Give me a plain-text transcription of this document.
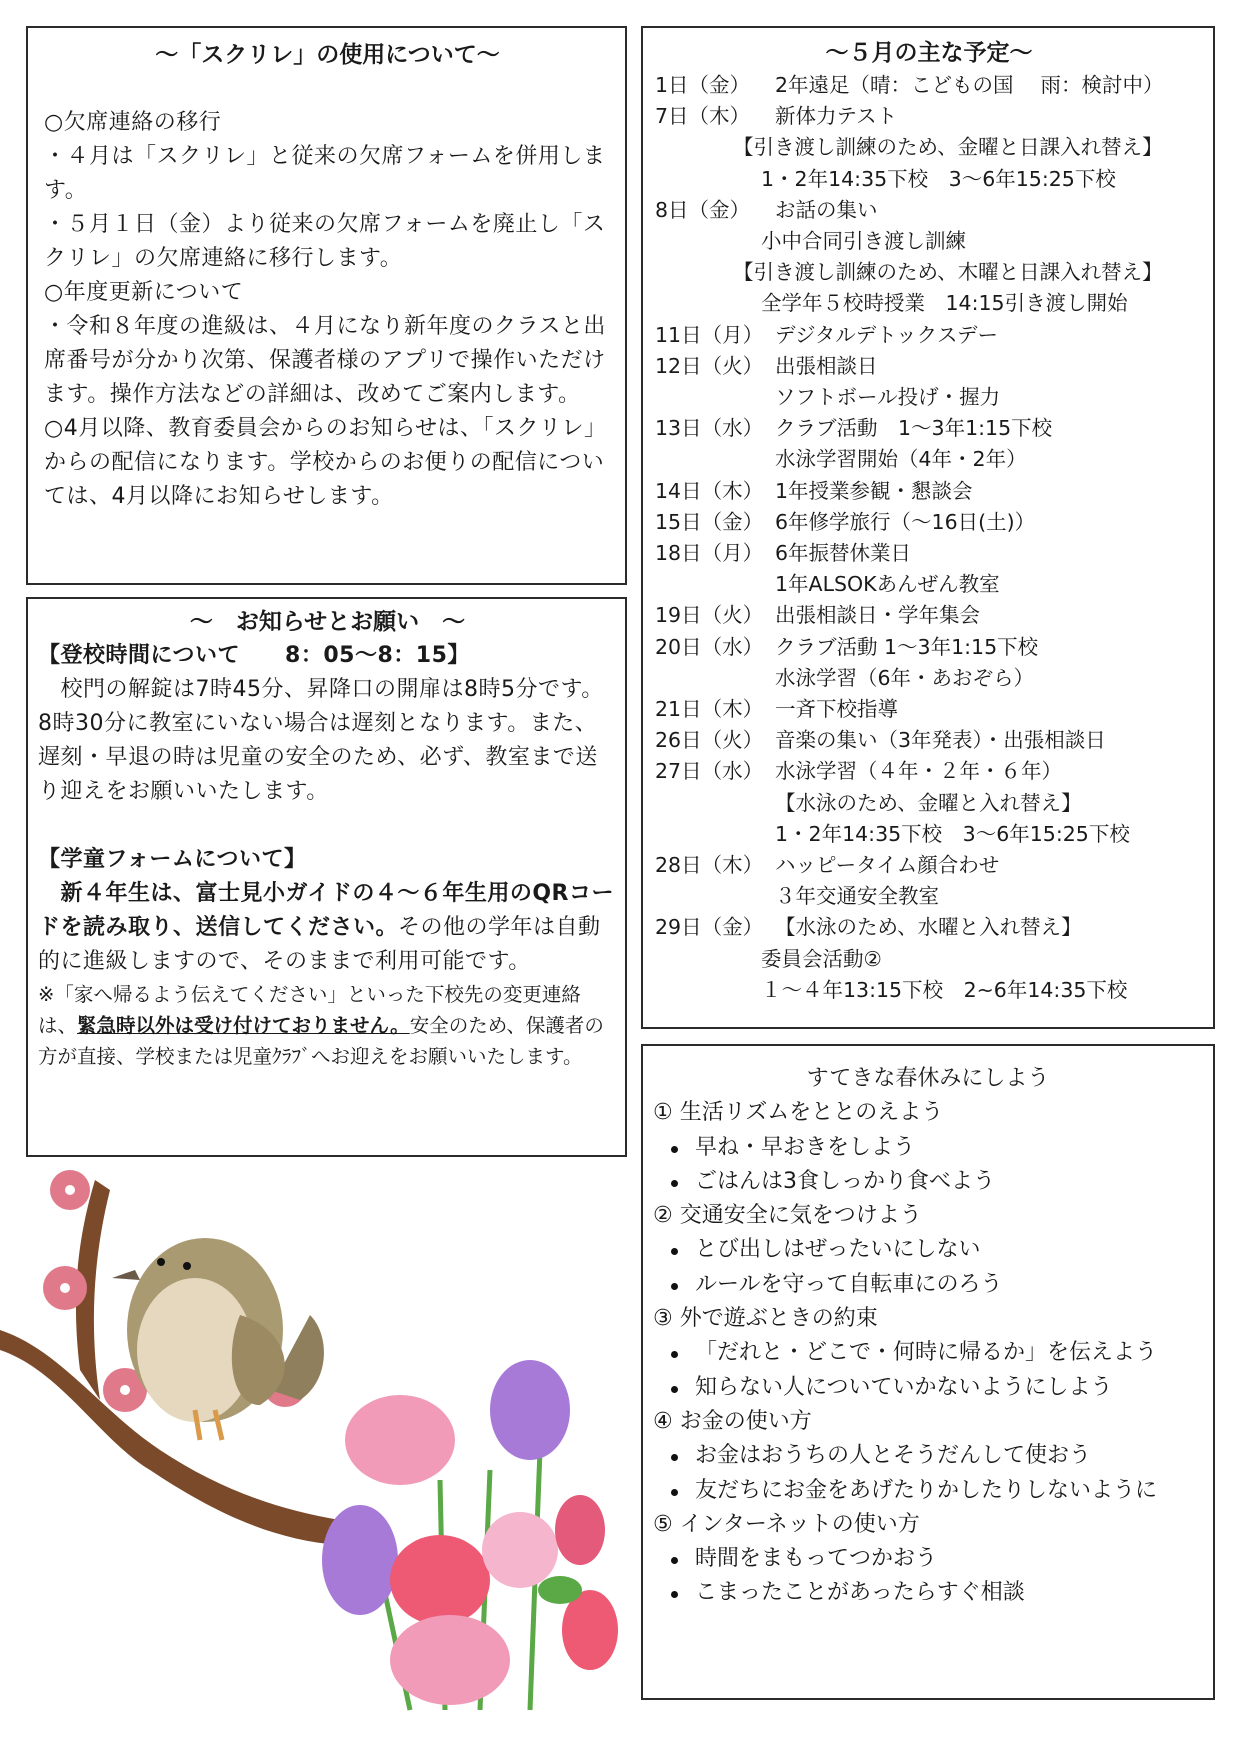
～「スクリレ」の使用について～
○欠席連絡の移行
・４月は「スクリレ」と従来の欠席フォームを併用します。
・５月１日（金）より従来の欠席フォームを廃止し「スクリレ」の欠席連絡に移行します。
○年度更新について
・令和８年度の進級は、４月になり新年度のクラスと出席番号が分かり次第、保護者様のアプリで操作いただけます。操作方法などの詳細は、改めてご案内します。
○4月以降、教育委員会からのお知らせは、「スクリレ」からの配信になります。学校からのお便りの配信については、4月以降にお知らせします。
～　お知らせとお願い　～
【登校時間について　　8：05～8：15】
　校門の解錠は7時45分、昇降口の開扉は8時5分です。8時30分に教室にいない場合は遅刻となります。また、遅刻・早退の時は児童の安全のため、必ず、教室まで送り迎えをお願いいたします。
【学童フォームについて】
　新４年生は、富士見小ガイドの４～６年生用のQRコードを読み取り、送信してください。その他の学年は自動的に進級しますので、そのままで利用可能です。
※「家へ帰るよう伝えてください」といった下校先の変更連絡は、緊急時以外は受け付けておりません。安全のため、保護者の方が直接、学校または児童ｸﾗﾌﾞへお迎えをお願いいたします。
～５月の主な予定～
1日（金）	2年遠足（晴：こどもの国　 雨：検討中）
7日（木）	新体力テスト
【引き渡し訓練のため、金曜と日課入れ替え】
1・2年14:35下校　3～6年15:25下校
8日（金）	お話の集い
小中合同引き渡し訓練
【引き渡し訓練のため、木曜と日課入れ替え】
全学年５校時授業　14:15引き渡し開始
11日（月） デジタルデトックスデー
12日（火） 出張相談日
ソフトボール投げ・握力
13日（水） クラブ活動　1～3年1:15下校
水泳学習開始（4年・2年）
14日（木） 1年授業参観・懇談会
15日（金） 6年修学旅行（～16日(土)）
18日（月） 6年振替休業日
1年ALSOKあんぜん教室
19日（火） 出張相談日・学年集会
20日（水） クラブ活動 1～3年1:15下校
水泳学習（6年・あおぞら）
21日（木） 一斉下校指導
26日（火） 音楽の集い（3年発表）・出張相談日
27日（水） 水泳学習（４年・２年・６年）
【水泳のため、金曜と入れ替え】
1・2年14:35下校　3～6年15:25下校
28日（木） ハッピータイム顔合わせ
３年交通安全教室
29日（金） 【水泳のため、水曜と入れ替え】
委員会活動②
１～４年13:15下校　2~6年14:35下校
すてきな春休みにしよう
① 生活リズムをととのえよう
早ね・早おきをしよう
ごはんは3食しっかり食べよう
② 交通安全に気をつけよう
とび出しはぜったいにしない
ルールを守って自転車にのろう
③ 外で遊ぶときの約束
「だれと・どこで・何時に帰るか」を伝えよう
知らない人についていかないようにしよう
④ お金の使い方
お金はおうちの人とそうだんして使おう
友だちにお金をあげたりかしたりしないように
⑤ インターネットの使い方
時間をまもってつかおう
こまったことがあったらすぐ相談
